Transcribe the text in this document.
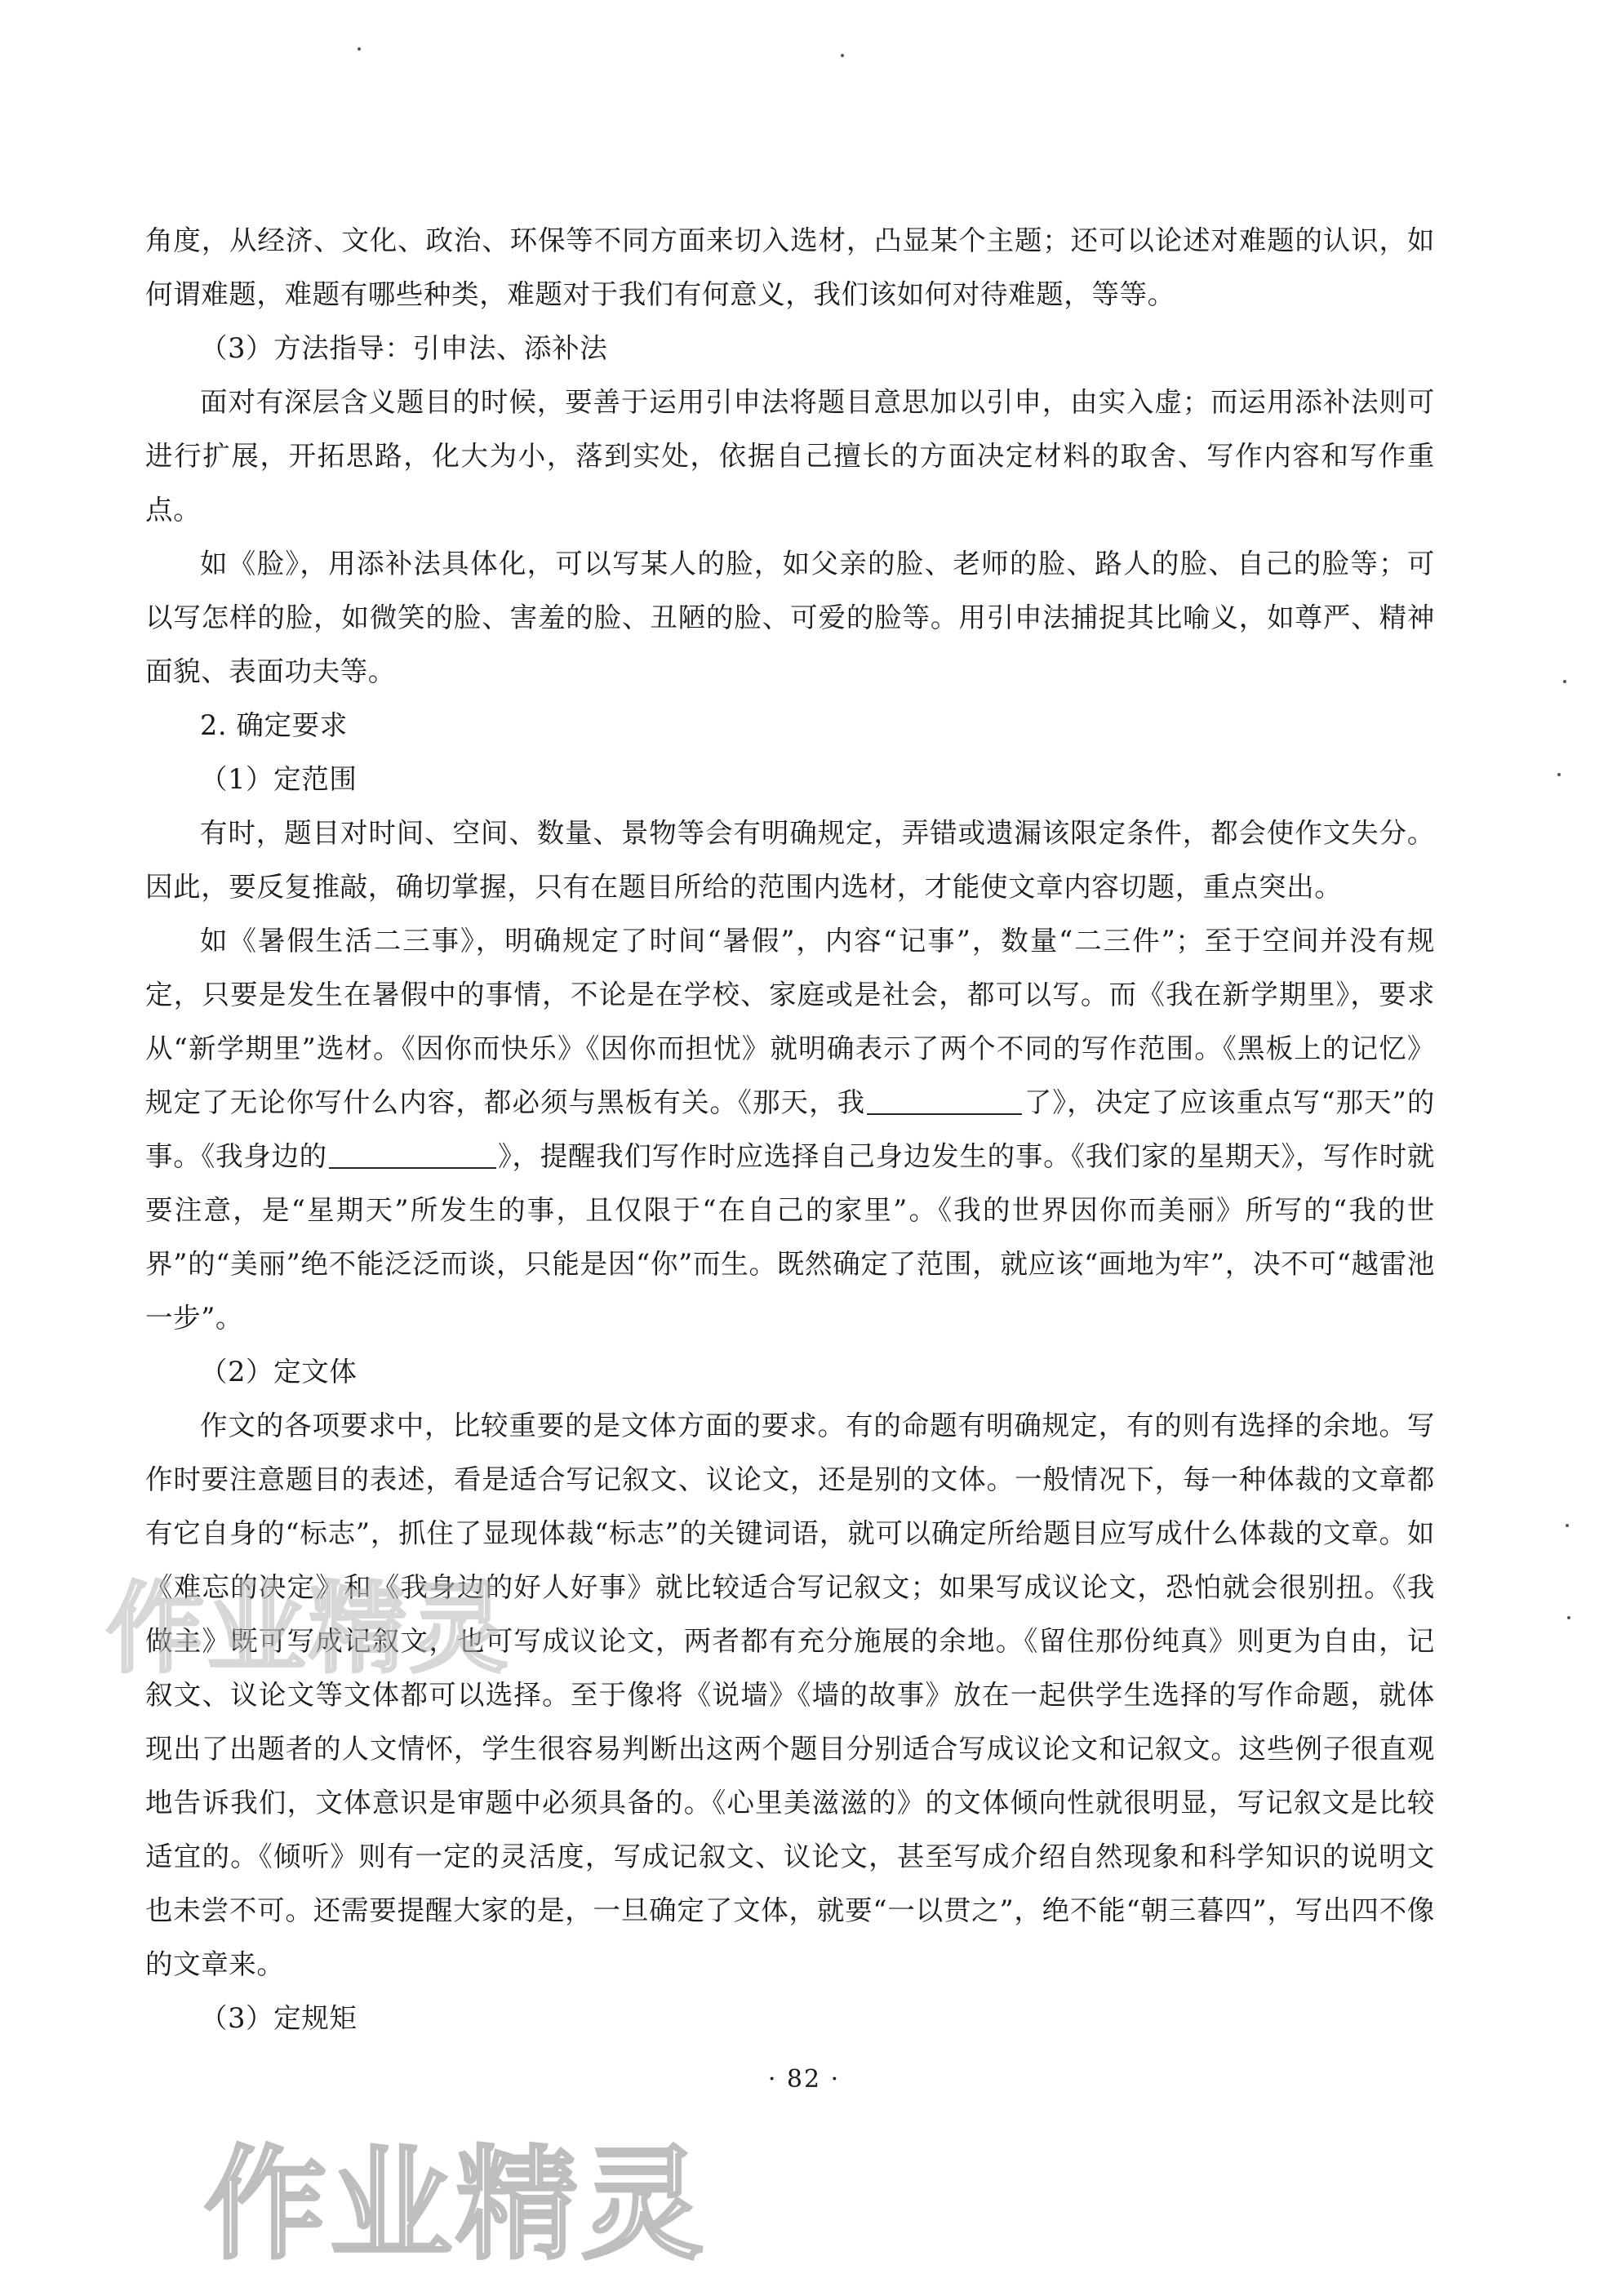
角度，从经济、文化、政治、环保等不同方面来切入选材，凸显某个主题；还可以论述对难题的认识，如何谓难题，难题有哪些种类，难题对于我们有何意义，我们该如何对待难题，等等。

（3）方法指导：引申法、添补法

面对有深层含义题目的时候，要善于运用引申法将题目意思加以引申，由实入虚；而运用添补法则可进行扩展，开拓思路，化大为小，落到实处，依据自己擅长的方面决定材料的取舍、写作内容和写作重点。

如《脸》，用添补法具体化，可以写某人的脸，如父亲的脸、老师的脸、路人的脸、自己的脸等；可以写怎样的脸，如微笑的脸、害羞的脸、丑陋的脸、可爱的脸等。用引申法捕捉其比喻义，如尊严、精神面貌、表面功夫等。

2. 确定要求

（1）定范围

有时，题目对时间、空间、数量、景物等会有明确规定，弄错或遗漏该限定条件，都会使作文失分。因此，要反复推敲，确切掌握，只有在题目所给的范围内选材，才能使文章内容切题，重点突出。

如《暑假生活二三事》，明确规定了时间“暑假”，内容“记事”，数量“二三件”；至于空间并没有规定，只要是发生在暑假中的事情，不论是在学校、家庭或是社会，都可以写。而《我在新学期里》，要求从“新学期里”选材。《因你而快乐》《因你而担忧》就明确表示了两个不同的写作范围。《黑板上的记忆》规定了无论你写什么内容，都必须与黑板有关。《那天，我	了》，决定了应该重点写“那天”的事。《我身边的	》，提醒我们写作时应选择自己身边发生的事。《我们家的星期天》，写作时就要注意，是“星期天”所发生的事，且仅限于“在自己的家里”。《我的世界因你而美丽》所写的“我的世界”的“美丽”绝不能泛泛而谈，只能是因“你”而生。既然确定了范围，就应该“画地为牢”，决不可“越雷池一步”。

（2）定文体

作文的各项要求中，比较重要的是文体方面的要求。有的命题有明确规定，有的则有选择的余地。写作时要注意题目的表述，看是适合写记叙文、议论文，还是别的文体。一般情况下，每一种体裁的文章都有它自身的“标志”，抓住了显现体裁“标志”的关键词语，就可以确定所给题目应写成什么体裁的文章。如《难忘的决定》和《我身边的好人好事》就比较适合写记叙文；如果写成议论文，恐怕就会很别扭。《我做主》既可写成记叙文，也可写成议论文，两者都有充分施展的余地。《留住那份纯真》则更为自由，记叙文、议论文等文体都可以选择。至于像将《说墙》《墙的故事》放在一起供学生选择的写作命题，就体现出了出题者的人文情怀，学生很容易判断出这两个题目分别适合写成议论文和记叙文。这些例子很直观地告诉我们，文体意识是审题中必须具备的。《心里美滋滋的》的文体倾向性就很明显，写记叙文是比较适宜的。《倾听》则有一定的灵活度，写成记叙文、议论文，甚至写成介绍自然现象和科学知识的说明文也未尝不可。还需要提醒大家的是，一旦确定了文体，就要“一以贯之”，绝不能“朝三暮四”，写出四不像的文章来。

（3）定规矩

· 82 ·
作业精灵
作业精灵
